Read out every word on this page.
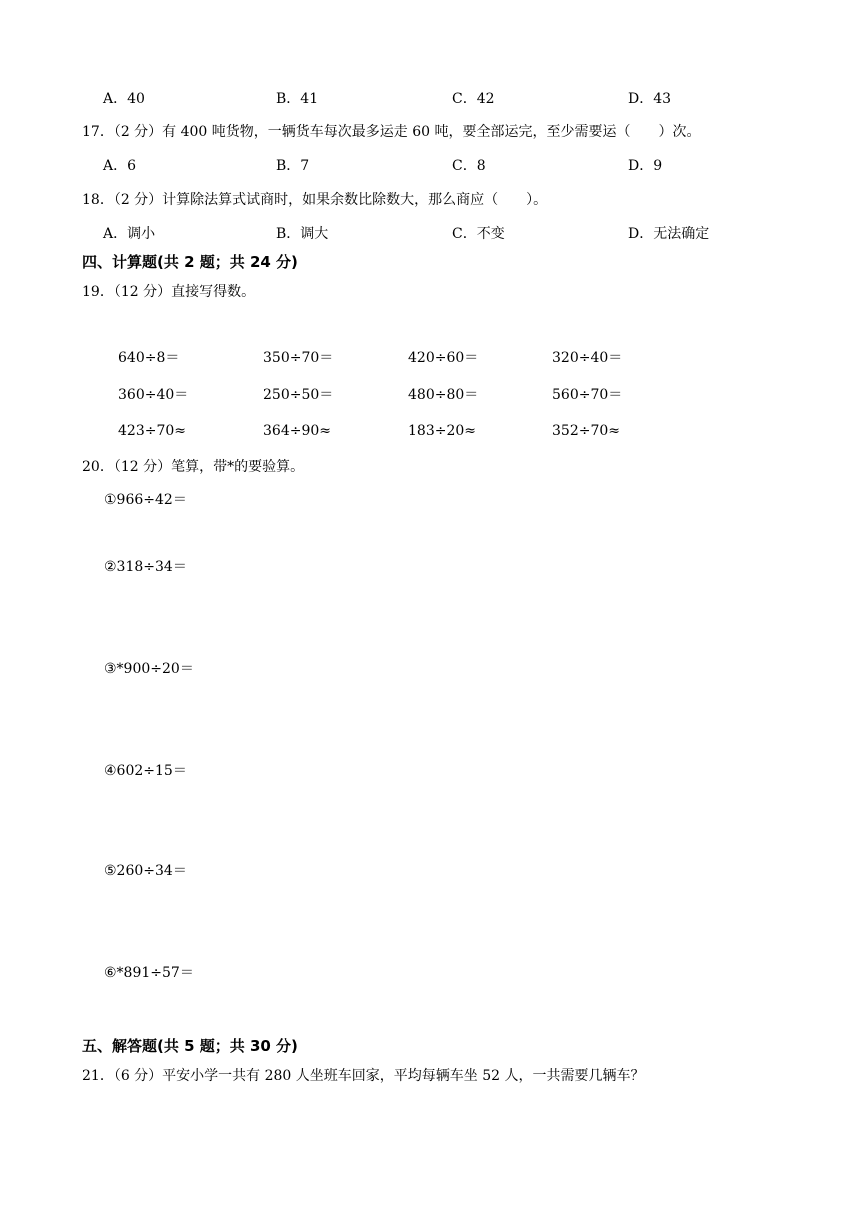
A．40	B．41	C．42	D．43
17．（2 分）有 400 吨货物，一辆货车每次最多运走 60 吨，要全部运完，至少需要运（　　）次。
A．6	B．7	C．8	D．9
18．（2 分）计算除法算式试商时，如果余数比除数大，那么商应（　　）。
A．调小	B．调大	C．不变	D．无法确定
四、计算题(共 2 题；共 24 分)
19．（12 分）直接写得数。
640÷8＝	350÷70＝	420÷60＝	320÷40＝
360÷40＝	250÷50＝	480÷80＝	560÷70＝
423÷70≈	364÷90≈	183÷20≈	352÷70≈
20．（12 分）笔算，带*的要验算。
①966÷42＝
②318÷34＝
③*900÷20＝
④602÷15＝
⑤260÷34＝
⑥*891÷57＝
五、解答题(共 5 题；共 30 分)
21．（6 分）平安小学一共有 280 人坐班车回家，平均每辆车坐 52 人，一共需要几辆车？
